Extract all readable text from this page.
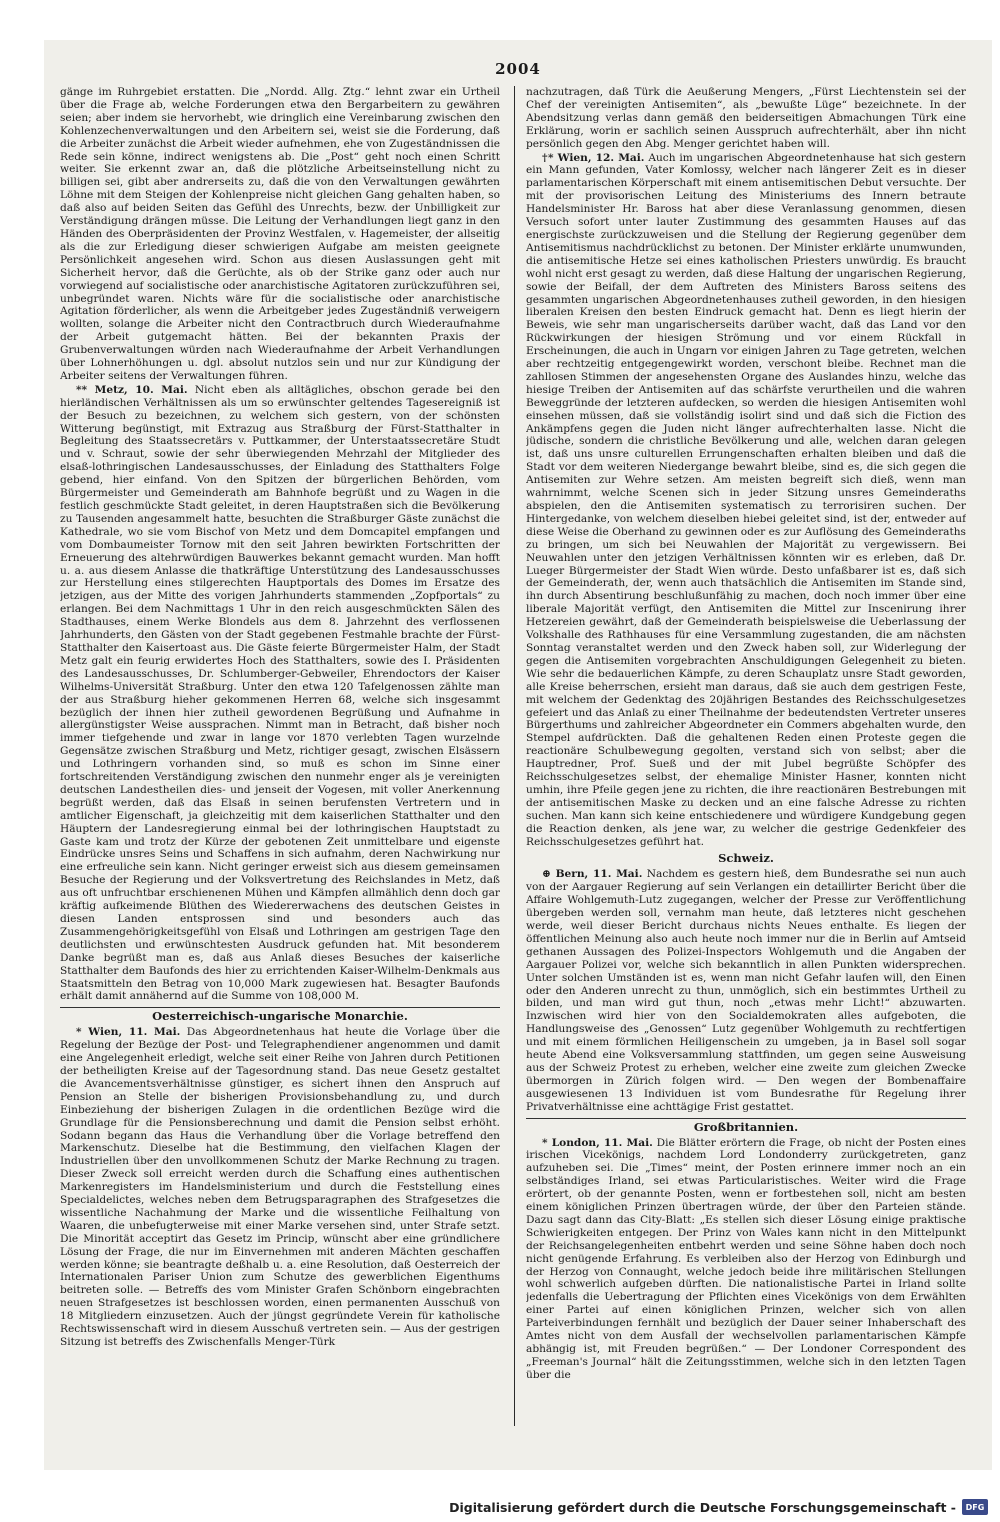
2004

gänge im Ruhrgebiet erstatten. Die „Nordd. Allg. Ztg.“ lehnt zwar ein Urtheil über die Frage ab, welche Forderungen etwa den Bergarbeitern zu gewähren seien; aber indem sie hervorhebt, wie dringlich eine Vereinbarung zwischen den Kohlenzechenverwaltungen und den Arbeitern sei, weist sie die Forderung, daß die Arbeiter zunächst die Arbeit wieder aufnehmen, ehe von Zugeständnissen die Rede sein könne, indirect wenigstens ab. Die „Post“ geht noch einen Schritt weiter. Sie erkennt zwar an, daß die plötzliche Arbeitseinstellung nicht zu billigen sei, gibt aber andrerseits zu, daß die von den Verwaltungen gewährten Löhne mit dem Steigen der Kohlenpreise nicht gleichen Gang gehalten haben, so daß also auf beiden Seiten das Gefühl des Unrechts, bezw. der Unbilligkeit zur Verständigung drängen müsse. Die Leitung der Verhandlungen liegt ganz in den Händen des Oberpräsidenten der Provinz Westfalen, v. Hagemeister, der allseitig als die zur Erledigung dieser schwierigen Aufgabe am meisten geeignete Persönlichkeit angesehen wird. Schon aus diesen Auslassungen geht mit Sicherheit hervor, daß die Gerüchte, als ob der Strike ganz oder auch nur vorwiegend auf socialistische oder anarchistische Agitatoren zurückzuführen sei, unbegründet waren. Nichts wäre für die socialistische oder anarchistische Agitation förderlicher, als wenn die Arbeitgeber jedes Zugeständniß verweigern wollten, solange die Arbeiter nicht den Contractbruch durch Wiederaufnahme der Arbeit gutgemacht hätten. Bei der bekannten Praxis der Grubenverwaltungen würden nach Wiederaufnahme der Arbeit Verhandlungen über Lohnerhöhungen u. dgl. absolut nutzlos sein und nur zur Kündigung der Arbeiter seitens der Verwaltungen führen.

** Metz, 10. Mai. Nicht eben als alltägliches, obschon gerade bei den hierländischen Verhältnissen als um so erwünschter geltendes Tagesereigniß ist der Besuch zu bezeichnen, zu welchem sich gestern, von der schönsten Witterung begünstigt, mit Extrazug aus Straßburg der Fürst-Statthalter in Begleitung des Staatssecretärs v. Puttkammer, der Unterstaatssecretäre Studt und v. Schraut, sowie der sehr überwiegenden Mehrzahl der Mitglieder des elsaß-lothringischen Landesausschusses, der Einladung des Statthalters Folge gebend, hier einfand. Von den Spitzen der bürgerlichen Behörden, vom Bürgermeister und Gemeinderath am Bahnhofe begrüßt und zu Wagen in die festlich geschmückte Stadt geleitet, in deren Hauptstraßen sich die Bevölkerung zu Tausenden angesammelt hatte, besuchten die Straßburger Gäste zunächst die Kathedrale, wo sie vom Bischof von Metz und dem Domcapitel empfangen und vom Dombaumeister Tornow mit den seit Jahren bewirkten Fortschritten der Erneuerung des altehrwürdigen Bauwerkes bekannt gemacht wurden. Man hofft u. a. aus diesem Anlasse die thatkräftige Unterstützung des Landesausschusses zur Herstellung eines stilgerechten Hauptportals des Domes im Ersatze des jetzigen, aus der Mitte des vorigen Jahrhunderts stammenden „Zopfportals“ zu erlangen. Bei dem Nachmittags 1 Uhr in den reich ausgeschmückten Sälen des Stadthauses, einem Werke Blondels aus dem 8. Jahrzehnt des verflossenen Jahrhunderts, den Gästen von der Stadt gegebenen Festmahle brachte der Fürst-Statthalter den Kaisertoast aus. Die Gäste feierte Bürgermeister Halm, der Stadt Metz galt ein feurig erwidertes Hoch des Statthalters, sowie des I. Präsidenten des Landesausschusses, Dr. Schlumberger-Gebweiler, Ehrendoctors der Kaiser Wilhelms-Universität Straßburg. Unter den etwa 120 Tafelgenossen zählte man der aus Straßburg hieher gekommenen Herren 68, welche sich insgesammt bezüglich der ihnen hier zutheil gewordenen Begrüßung und Aufnahme in allergünstigster Weise aussprachen. Nimmt man in Betracht, daß bisher noch immer tiefgehende und zwar in lange vor 1870 verlebten Tagen wurzelnde Gegensätze zwischen Straßburg und Metz, richtiger gesagt, zwischen Elsässern und Lothringern vorhanden sind, so muß es schon im Sinne einer fortschreitenden Verständigung zwischen den nunmehr enger als je vereinigten deutschen Landestheilen dies- und jenseit der Vogesen, mit voller Anerkennung begrüßt werden, daß das Elsaß in seinen berufensten Vertretern und in amtlicher Eigenschaft, ja gleichzeitig mit dem kaiserlichen Statthalter und den Häuptern der Landesregierung einmal bei der lothringischen Hauptstadt zu Gaste kam und trotz der Kürze der gebotenen Zeit unmittelbare und eigenste Eindrücke unsres Seins und Schaffens in sich aufnahm, deren Nachwirkung nur eine erfreuliche sein kann. Nicht geringer erweist sich aus diesem gemeinsamen Besuche der Regierung und der Volksvertretung des Reichslandes in Metz, daß aus oft unfruchtbar erschienenen Mühen und Kämpfen allmählich denn doch gar kräftig aufkeimende Blüthen des Wiedererwachens des deutschen Geistes in diesen Landen entsprossen sind und besonders auch das Zusammengehörigkeitsgefühl von Elsaß und Lothringen am gestrigen Tage den deutlichsten und erwünschtesten Ausdruck gefunden hat. Mit besonderem Danke begrüßt man es, daß aus Anlaß dieses Besuches der kaiserliche Statthalter dem Baufonds des hier zu errichtenden Kaiser-Wilhelm-Denkmals aus Staatsmitteln den Betrag von 10,000 Mark zugewiesen hat. Besagter Baufonds erhält damit annähernd auf die Summe von 108,000 M.

Oesterreichisch-ungarische Monarchie.

* Wien, 11. Mai. Das Abgeordnetenhaus hat heute die Vorlage über die Regelung der Bezüge der Post- und Telegraphendiener angenommen und damit eine Angelegenheit erledigt, welche seit einer Reihe von Jahren durch Petitionen der betheiligten Kreise auf der Tagesordnung stand. Das neue Gesetz gestaltet die Avancementsverhältnisse günstiger, es sichert ihnen den Anspruch auf Pension an Stelle der bisherigen Provisionsbehandlung zu, und durch Einbeziehung der bisherigen Zulagen in die ordentlichen Bezüge wird die Grundlage für die Pensionsberechnung und damit die Pension selbst erhöht. Sodann begann das Haus die Verhandlung über die Vorlage betreffend den Markenschutz. Dieselbe hat die Bestimmung, den vielfachen Klagen der Industriellen über den unvollkommenen Schutz der Marke Rechnung zu tragen. Dieser Zweck soll erreicht werden durch die Schaffung eines authentischen Markenregisters im Handelsministerium und durch die Feststellung eines Specialdelictes, welches neben dem Betrugsparagraphen des Strafgesetzes die wissentliche Nachahmung der Marke und die wissentliche Feilhaltung von Waaren, die unbefugterweise mit einer Marke versehen sind, unter Strafe setzt. Die Minorität acceptirt das Gesetz im Princip, wünscht aber eine gründlichere Lösung der Frage, die nur im Einvernehmen mit anderen Mächten geschaffen werden könne; sie beantragte deßhalb u. a. eine Resolution, daß Oesterreich der Internationalen Pariser Union zum Schutze des gewerblichen Eigenthums beitreten solle. — Betreffs des vom Minister Grafen Schönborn eingebrachten neuen Strafgesetzes ist beschlossen worden, einen permanenten Ausschuß von 18 Mitgliedern einzusetzen. Auch der jüngst gegründete Verein für katholische Rechtswissenschaft wird in diesem Ausschuß vertreten sein. — Aus der gestrigen Sitzung ist betreffs des Zwischenfalls Menger-Türk

nachzutragen, daß Türk die Aeußerung Mengers, „Fürst Liechtenstein sei der Chef der vereinigten Antisemiten“, als „bewußte Lüge“ bezeichnete. In der Abendsitzung verlas dann gemäß den beiderseitigen Abmachungen Türk eine Erklärung, worin er sachlich seinen Ausspruch aufrechterhält, aber ihn nicht persönlich gegen den Abg. Menger gerichtet haben will.

†* Wien, 12. Mai. Auch im ungarischen Abgeordnetenhause hat sich gestern ein Mann gefunden, Vater Komlossy, welcher nach längerer Zeit es in dieser parlamentarischen Körperschaft mit einem antisemitischen Debut versuchte. Der mit der provisorischen Leitung des Ministeriums des Innern betraute Handelsminister Hr. Baross hat aber diese Veranlassung genommen, diesen Versuch sofort unter lauter Zustimmung des gesammten Hauses auf das energischste zurückzuweisen und die Stellung der Regierung gegenüber dem Antisemitismus nachdrücklichst zu betonen. Der Minister erklärte unumwunden, die antisemitische Hetze sei eines katholischen Priesters unwürdig. Es braucht wohl nicht erst gesagt zu werden, daß diese Haltung der ungarischen Regierung, sowie der Beifall, der dem Auftreten des Ministers Baross seitens des gesammten ungarischen Abgeordnetenhauses zutheil geworden, in den hiesigen liberalen Kreisen den besten Eindruck gemacht hat. Denn es liegt hierin der Beweis, wie sehr man ungarischerseits darüber wacht, daß das Land vor den Rückwirkungen der hiesigen Strömung und vor einem Rückfall in Erscheinungen, die auch in Ungarn vor einigen Jahren zu Tage getreten, welchen aber rechtzeitig entgegengewirkt worden, verschont bleibe. Rechnet man die zahllosen Stimmen der angesehensten Organe des Auslandes hinzu, welche das hiesige Treiben der Antisemiten auf das schärfste verurtheilen und die wahren Beweggründe der letzteren aufdecken, so werden die hiesigen Antisemiten wohl einsehen müssen, daß sie vollständig isolirt sind und daß sich die Fiction des Ankämpfens gegen die Juden nicht länger aufrechterhalten lasse. Nicht die jüdische, sondern die christliche Bevölkerung und alle, welchen daran gelegen ist, daß uns unsre culturellen Errungenschaften erhalten bleiben und daß die Stadt vor dem weiteren Niedergange bewahrt bleibe, sind es, die sich gegen die Antisemiten zur Wehre setzen. Am meisten begreift sich dieß, wenn man wahrnimmt, welche Scenen sich in jeder Sitzung unsres Gemeinderaths abspielen, den die Antisemiten systematisch zu terrorisiren suchen. Der Hintergedanke, von welchem dieselben hiebei geleitet sind, ist der, entweder auf diese Weise die Oberhand zu gewinnen oder es zur Auflösung des Gemeinderaths zu bringen, um sich bei Neuwahlen der Majorität zu vergewissern. Bei Neuwahlen unter den jetzigen Verhältnissen könnten wir es erleben, daß Dr. Lueger Bürgermeister der Stadt Wien würde. Desto unfaßbarer ist es, daß sich der Gemeinderath, der, wenn auch thatsächlich die Antisemiten im Stande sind, ihn durch Absentirung beschlußunfähig zu machen, doch noch immer über eine liberale Majorität verfügt, den Antisemiten die Mittel zur Inscenirung ihrer Hetzereien gewährt, daß der Gemeinderath beispielsweise die Ueberlassung der Volkshalle des Rathhauses für eine Versammlung zugestanden, die am nächsten Sonntag veranstaltet werden und den Zweck haben soll, zur Widerlegung der gegen die Antisemiten vorgebrachten Anschuldigungen Gelegenheit zu bieten. Wie sehr die bedauerlichen Kämpfe, zu deren Schauplatz unsre Stadt geworden, alle Kreise beherrschen, ersieht man daraus, daß sie auch dem gestrigen Feste, mit welchem der Gedenktag des 20jährigen Bestandes des Reichsschulgesetzes gefeiert und das Anlaß zu einer Theilnahme der bedeutendsten Vertreter unseres Bürgerthums und zahlreicher Abgeordneter ein Commers abgehalten wurde, den Stempel aufdrückten. Daß die gehaltenen Reden einen Proteste gegen die reactionäre Schulbewegung gegolten, verstand sich von selbst; aber die Hauptredner, Prof. Sueß und der mit Jubel begrüßte Schöpfer des Reichsschulgesetzes selbst, der ehemalige Minister Hasner, konnten nicht umhin, ihre Pfeile gegen jene zu richten, die ihre reactionären Bestrebungen mit der antisemitischen Maske zu decken und an eine falsche Adresse zu richten suchen. Man kann sich keine entschiedenere und würdigere Kundgebung gegen die Reaction denken, als jene war, zu welcher die gestrige Gedenkfeier des Reichsschulgesetzes geführt hat.

Schweiz.

⊕ Bern, 11. Mai. Nachdem es gestern hieß, dem Bundesrathe sei nun auch von der Aargauer Regierung auf sein Verlangen ein detaillirter Bericht über die Affaire Wohlgemuth-Lutz zugegangen, welcher der Presse zur Veröffentlichung übergeben werden soll, vernahm man heute, daß letzteres nicht geschehen werde, weil dieser Bericht durchaus nichts Neues enthalte. Es liegen der öffentlichen Meinung also auch heute noch immer nur die in Berlin auf Amtseid gethanen Aussagen des Polizei-Inspectors Wohlgemuth und die Angaben der Aargauer Polizei vor, welche sich bekanntlich in allen Punkten widersprechen. Unter solchen Umständen ist es, wenn man nicht Gefahr laufen will, den Einen oder den Anderen unrecht zu thun, unmöglich, sich ein bestimmtes Urtheil zu bilden, und man wird gut thun, noch „etwas mehr Licht!“ abzuwarten. Inzwischen wird hier von den Socialdemokraten alles aufgeboten, die Handlungsweise des „Genossen“ Lutz gegenüber Wohlgemuth zu rechtfertigen und mit einem förmlichen Heiligenschein zu umgeben, ja in Basel soll sogar heute Abend eine Volksversammlung stattfinden, um gegen seine Ausweisung aus der Schweiz Protest zu erheben, welcher eine zweite zum gleichen Zwecke übermorgen in Zürich folgen wird. — Den wegen der Bombenaffaire ausgewiesenen 13 Individuen ist vom Bundesrathe für Regelung ihrer Privatverhältnisse eine achttägige Frist gestattet.

Großbritannien.

* London, 11. Mai. Die Blätter erörtern die Frage, ob nicht der Posten eines irischen Vicekönigs, nachdem Lord Londonderry zurückgetreten, ganz aufzuheben sei. Die „Times“ meint, der Posten erinnere immer noch an ein selbständiges Irland, sei etwas Particularistisches. Weiter wird die Frage erörtert, ob der genannte Posten, wenn er fortbestehen soll, nicht am besten einem königlichen Prinzen übertragen würde, der über den Parteien stände. Dazu sagt dann das City-Blatt: „Es stellen sich dieser Lösung einige praktische Schwierigkeiten entgegen. Der Prinz von Wales kann nicht in den Mittelpunkt der Reichsangelegenheiten entbehrt werden und seine Söhne haben doch noch nicht genügende Erfahrung. Es verbleiben also der Herzog von Edinburgh und der Herzog von Connaught, welche jedoch beide ihre militärischen Stellungen wohl schwerlich aufgeben dürften. Die nationalistische Partei in Irland sollte jedenfalls die Uebertragung der Pflichten eines Vicekönigs von dem Erwählten einer Partei auf einen königlichen Prinzen, welcher sich von allen Parteiverbindungen fernhält und bezüglich der Dauer seiner Inhaberschaft des Amtes nicht von dem Ausfall der wechselvollen parlamentarischen Kämpfe abhängig ist, mit Freuden begrüßen.“ — Der Londoner Correspondent des „Freeman's Journal“ hält die Zeitungsstimmen, welche sich in den letzten Tagen über die

Digitalisierung gefördert durch die Deutsche Forschungsgemeinschaft -	DFG
